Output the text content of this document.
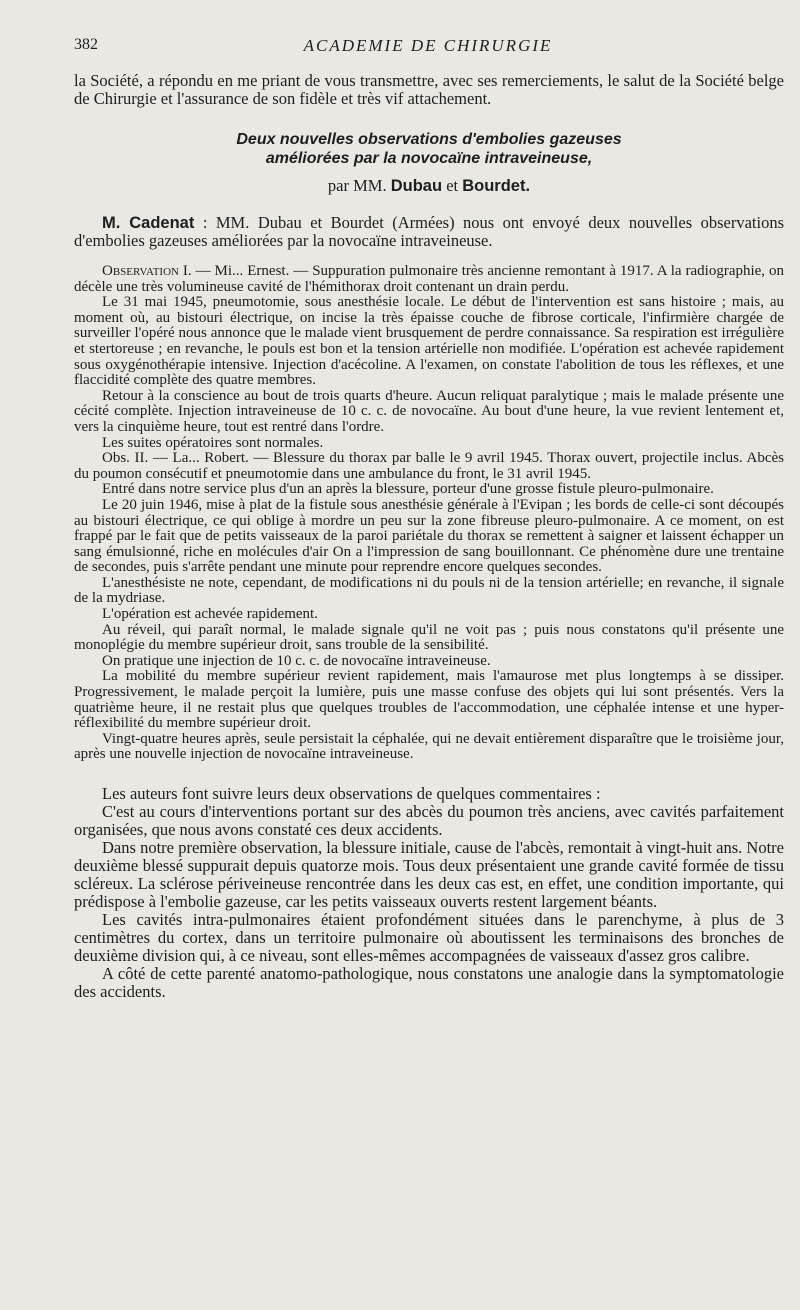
382	ACADEMIE DE CHIRURGIE

la Société, a répondu en me priant de vous transmettre, avec ses remerciements, le salut de la Société belge de Chirurgie et l'assurance de son fidèle et très vif attachement.

Deux nouvelles observations d'embolies gazeuses
améliorées par la novocaïne intraveineuse,
par MM. Dubau et Bourdet.

M. Cadenat : MM. Dubau et Bourdet (Armées) nous ont envoyé deux nouvelles observations d'embolies gazeuses améliorées par la novocaïne intraveineuse.

Observation I. — Mi... Ernest. — Suppuration pulmonaire très ancienne remontant à 1917. A la radiographie, on décèle une très volumineuse cavité de l'hémithorax droit contenant un drain perdu.

Le 31 mai 1945, pneumotomie, sous anesthésie locale. Le début de l'intervention est sans histoire ; mais, au moment où, au bistouri électrique, on incise la très épaisse couche de fibrose corticale, l'infirmière chargée de surveiller l'opéré nous annonce que le malade vient brusquement de perdre connaissance. Sa respiration est irrégulière et stertoreuse ; en revanche, le pouls est bon et la tension artérielle non modifiée. L'opération est achevée rapidement sous oxygénothérapie intensive. Injection d'acécoline. A l'examen, on constate l'abolition de tous les réflexes, et une flaccidité complète des quatre membres.

Retour à la conscience au bout de trois quarts d'heure. Aucun reliquat paralytique ; mais le malade présente une cécité complète. Injection intraveineuse de 10 c. c. de novocaïne. Au bout d'une heure, la vue revient lentement et, vers la cinquième heure, tout est rentré dans l'ordre.

Les suites opératoires sont normales.

Obs. II. — La... Robert. — Blessure du thorax par balle le 9 avril 1945. Thorax ouvert, projectile inclus. Abcès du poumon consécutif et pneumotomie dans une ambulance du front, le 31 avril 1945.

Entré dans notre service plus d'un an après la blessure, porteur d'une grosse fistule pleuro-pulmonaire.

Le 20 juin 1946, mise à plat de la fistule sous anesthésie générale à l'Evipan ; les bords de celle-ci sont découpés au bistouri électrique, ce qui oblige à mordre un peu sur la zone fibreuse pleuro-pulmonaire. A ce moment, on est frappé par le fait que de petits vaisseaux de la paroi pariétale du thorax se remettent à saigner et laissent échapper un sang émulsionné, riche en molécules d'air On a l'impression de sang bouillonnant. Ce phénomène dure une trentaine de secondes, puis s'arrête pendant une minute pour reprendre encore quelques secondes.

L'anesthésiste ne note, cependant, de modifications ni du pouls ni de la tension artérielle; en revanche, il signale de la mydriase.

L'opération est achevée rapidement.

Au réveil, qui paraît normal, le malade signale qu'il ne voit pas ; puis nous constatons qu'il présente une monoplégie du membre supérieur droit, sans trouble de la sensibilité.

On pratique une injection de 10 c. c. de novocaïne intraveineuse.

La mobilité du membre supérieur revient rapidement, mais l'amaurose met plus longtemps à se dissiper. Progressivement, le malade perçoit la lumière, puis une masse confuse des objets qui lui sont présentés. Vers la quatrième heure, il ne restait plus que quelques troubles de l'accommodation, une céphalée intense et une hyper-réflexibilité du membre supérieur droit.

Vingt-quatre heures après, seule persistait la céphalée, qui ne devait entièrement disparaître que le troisième jour, après une nouvelle injection de novocaïne intraveineuse.

Les auteurs font suivre leurs deux observations de quelques commentaires :

C'est au cours d'interventions portant sur des abcès du poumon très anciens, avec cavités parfaitement organisées, que nous avons constaté ces deux accidents.

Dans notre première observation, la blessure initiale, cause de l'abcès, remontait à vingt-huit ans. Notre deuxième blessé suppurait depuis quatorze mois. Tous deux présentaient une grande cavité formée de tissu scléreux. La sclérose périveineuse rencontrée dans les deux cas est, en effet, une condition importante, qui prédispose à l'embolie gazeuse, car les petits vaisseaux ouverts restent largement béants.

Les cavités intra-pulmonaires étaient profondément situées dans le parenchyme, à plus de 3 centimètres du cortex, dans un territoire pulmonaire où aboutissent les terminaisons des bronches de deuxième division qui, à ce niveau, sont elles-mêmes accompagnées de vaisseaux d'assez gros calibre.

A côté de cette parenté anatomo-pathologique, nous constatons une analogie dans la symptomatologie des accidents.
